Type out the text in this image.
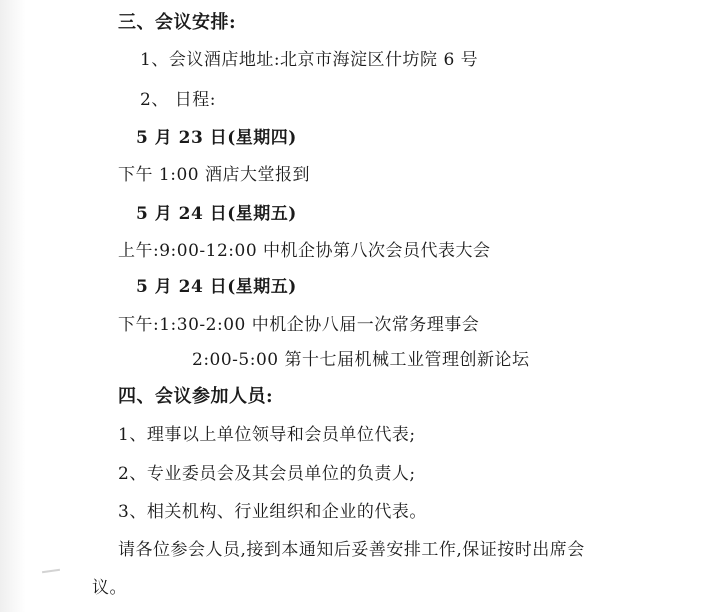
三、会议安排:
1、会议酒店地址:北京市海淀区什坊院 6 号
2、 日程:
5 月 23 日(星期四)
下午 1:00 酒店大堂报到
5 月 24 日(星期五)
上午:9:00-12:00 中机企协第八次会员代表大会
5 月 24 日(星期五)
下午:1:30-2:00 中机企协八届一次常务理事会
2:00-5:00 第十七届机械工业管理创新论坛
四、会议参加人员:
1、理事以上单位领导和会员单位代表;
2、专业委员会及其会员单位的负责人;
3、相关机构、行业组织和企业的代表。
请各位参会人员,接到本通知后妥善安排工作,保证按时出席会
议。
